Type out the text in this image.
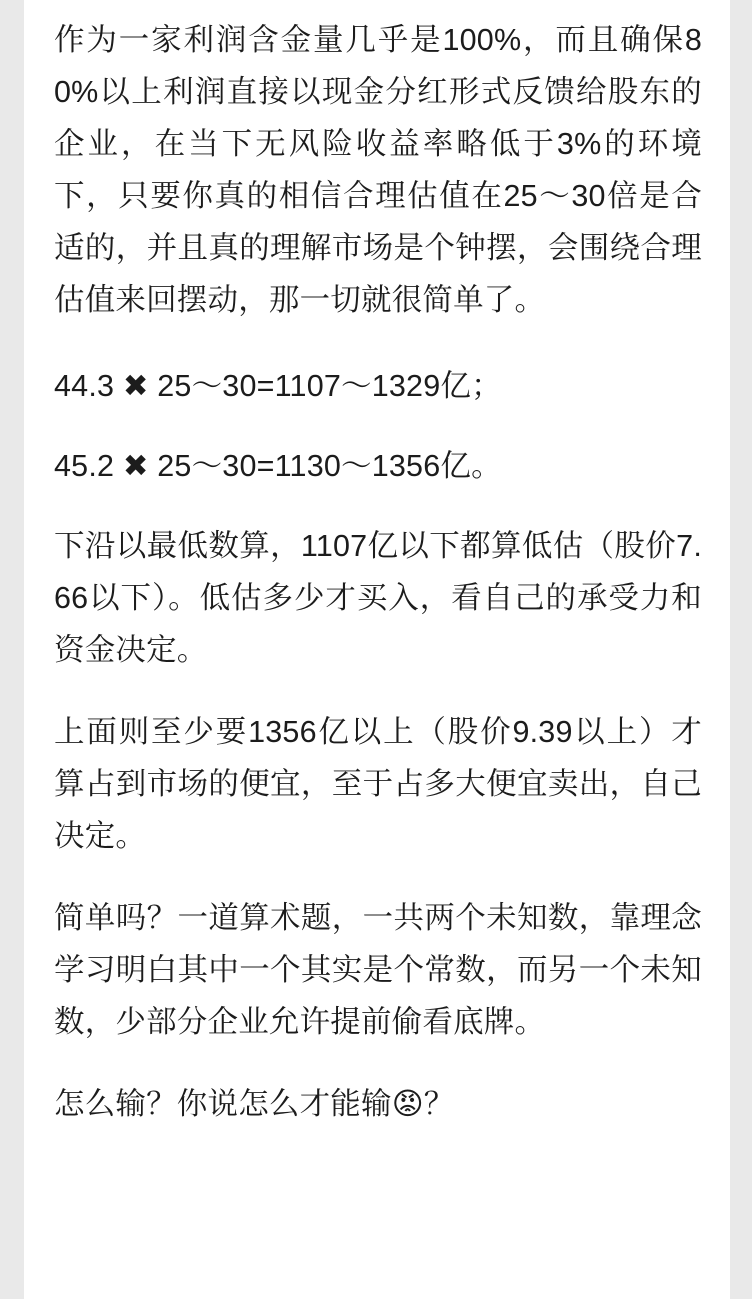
作为一家利润含金量几乎是100%，而且确保80%以上利润直接以现金分红形式反馈给股东的企业，在当下无风险收益率略低于3%的环境下，只要你真的相信合理估值在25～30倍是合适的，并且真的理解市场是个钟摆，会围绕合理估值来回摆动，那一切就很简单了。

44.3 ✖ 25～30=1107～1329亿；

45.2 ✖ 25～30=1130～1356亿。

下沿以最低数算，1107亿以下都算低估（股价7.66以下）。低估多少才买入，看自己的承受力和资金决定。

上面则至少要1356亿以上（股价9.39以上）才算占到市场的便宜，至于占多大便宜卖出，自己决定。

简单吗？一道算术题，一共两个未知数，靠理念学习明白其中一个其实是个常数，而另一个未知数，少部分企业允许提前偷看底牌。

怎么输？你说怎么才能输😡？
